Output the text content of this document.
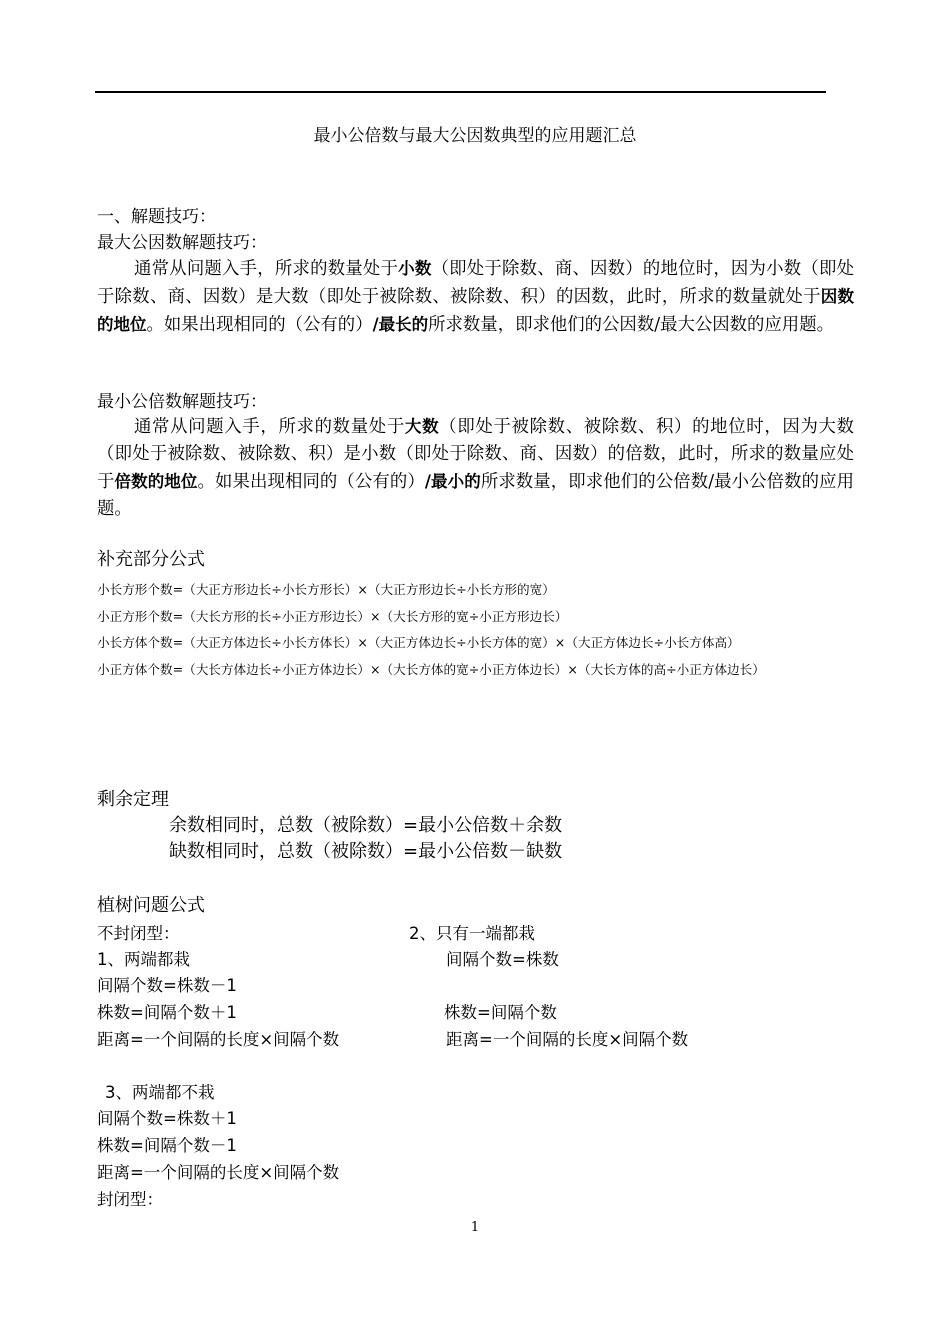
最小公倍数与最大公因数典型的应用题汇总
一、解题技巧：
最大公因数解题技巧：

通常从问题入手，所求的数量处于小数（即处于除数、商、因数）的地位时，因为小数（即处于除数、商、因数）是大数（即处于被除数、被除数、积）的因数，此时，所求的数量就处于因数的地位。如果出现相同的（公有的）/最长的所求数量，即求他们的公因数/最大公因数的应用题。

最小公倍数解题技巧：

通常从问题入手，所求的数量处于大数（即处于被除数、被除数、积）的地位时，因为大数（即处于被除数、被除数、积）是小数（即处于除数、商、因数）的倍数，此时，所求的数量应处于倍数的地位。如果出现相同的（公有的）/最小的所求数量，即求他们的公倍数/最小公倍数的应用题。

补充部分公式
小长方形个数=（大正方形边长÷小长方形长）×（大正方形边长÷小长方形的宽）
小正方形个数=（大长方形的长÷小正方形边长）×（大长方形的宽÷小正方形边长）
小长方体个数=（大正方体边长÷小长方体长）×（大正方体边长÷小长方体的宽）×（大正方体边长÷小长方体高）
小正方体个数=（大长方体边长÷小正方体边长）×（大长方体的宽÷小正方体边长）×（大长方体的高÷小正方体边长）
剩余定理
余数相同时，总数（被除数）=最小公倍数＋余数
缺数相同时，总数（被除数）=最小公倍数－缺数
植树问题公式
不封闭型：
1、两端都栽
间隔个数=株数－1
株数=间隔个数＋1
距离=一个间隔的长度×间隔个数
2、只有一端都栽
间隔个数=株数
株数=间隔个数
距离=一个间隔的长度×间隔个数
3、两端都不栽
间隔个数=株数＋1
株数=间隔个数－1
距离=一个间隔的长度×间隔个数
封闭型：
1
